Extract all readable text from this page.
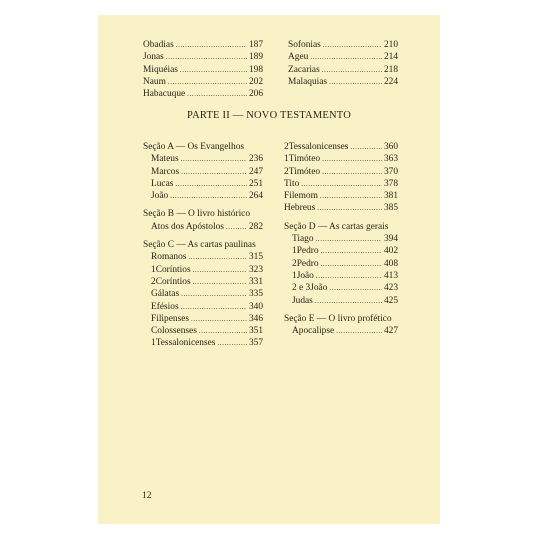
Obadias .....	187
Jonas .....	189
Miquéias .....	198
Naum .....	202
Habacuque .....	206
Sofonias .....	210
Ageu .....	214
Zacarias .....	218
Malaquias .....	224
PARTE II — NOVO TESTAMENTO
Seção A — Os Evangelhos
Mateus .....	236
Marcos .....	247
Lucas .....	251
João .....	264
Seção B — O livro histórico
Atos dos Apóstolos .....	282
Seção C — As cartas paulinas
Romanos .....	315
1Coríntios .....	323
2Coríntios .....	331
Gálatas .....	335
Efésios .....	340
Filipenses .....	346
Colossenses .....	351
1Tessalonicenses .....	357
2Tessalonicenses .....	360
1Timóteo .....	363
2Timóteo .....	370
Tito .....	378
Filemom .....	381
Hebreus .....	385
Seção D — As cartas gerais
Tiago .....	394
1Pedro .....	402
2Pedro .....	408
1João .....	413
2 e 3João .....	423
Judas .....	425
Seção E — O livro profético
Apocalipse .....	427
12
